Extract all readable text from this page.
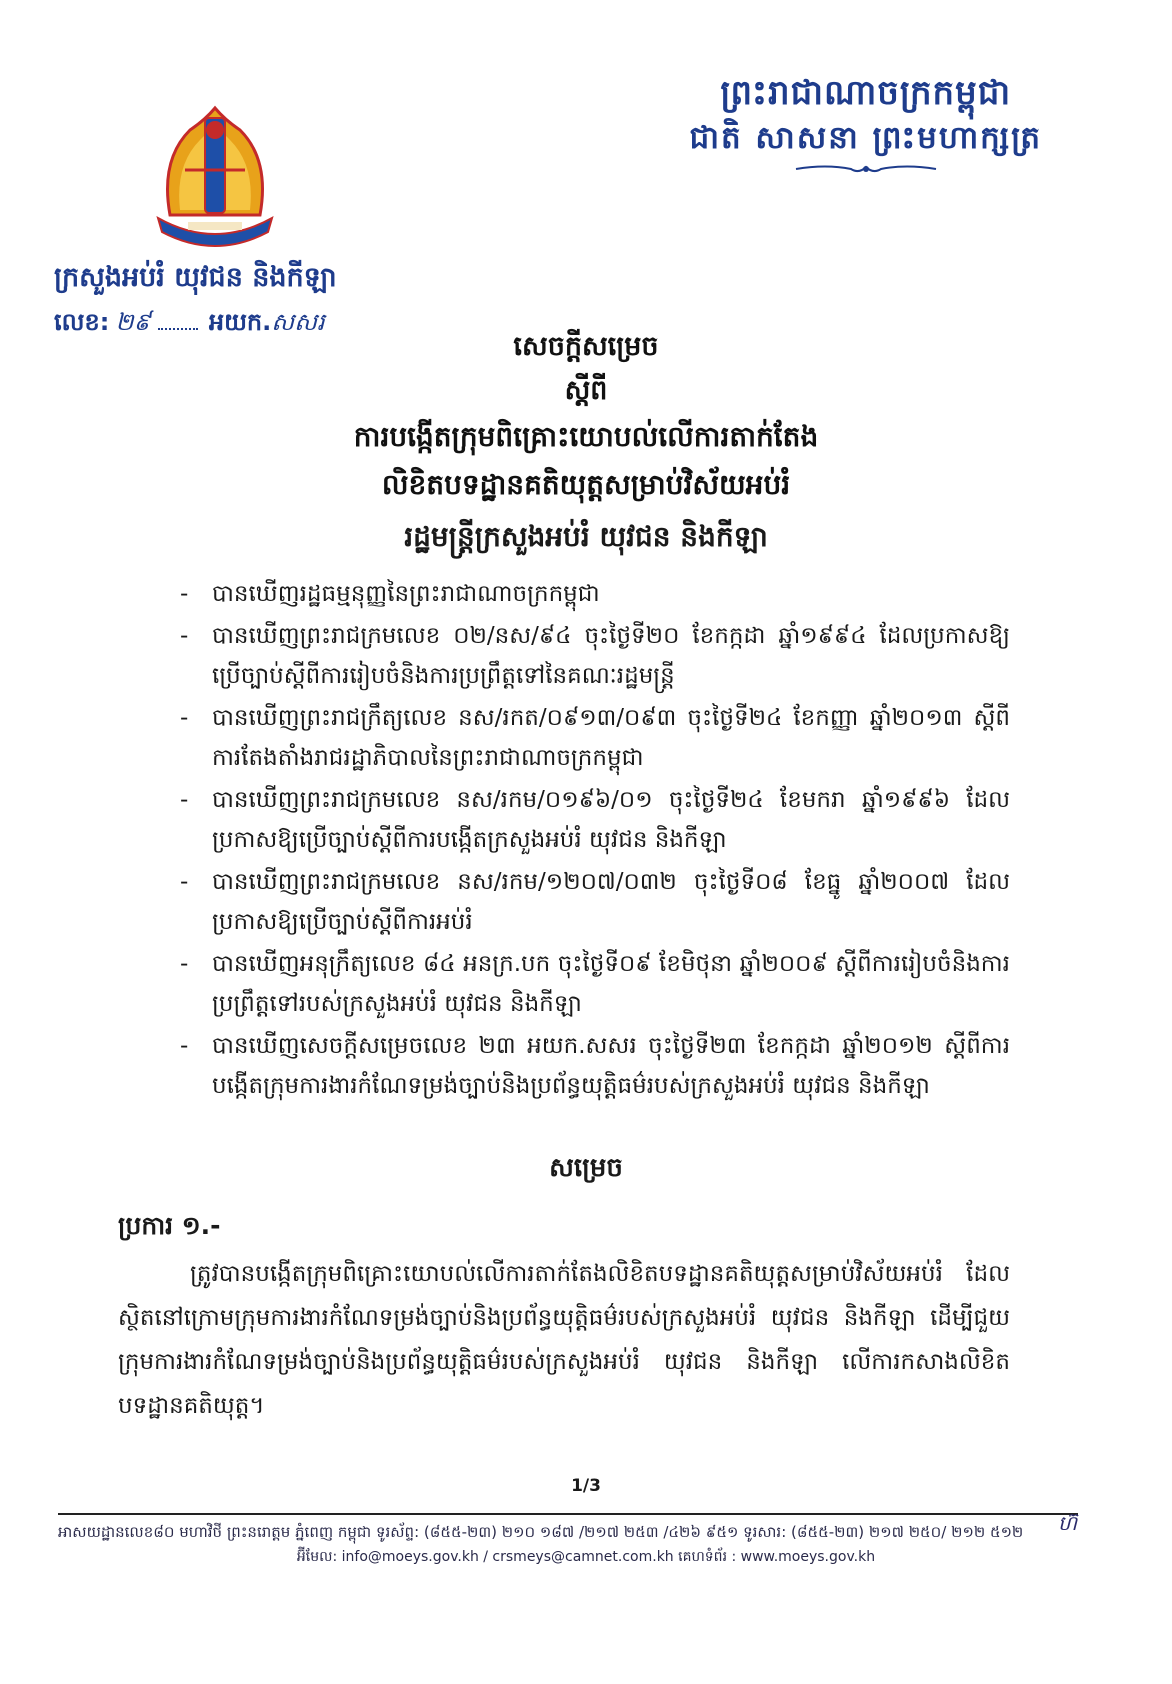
ព្រះរាជាណាចក្រកម្ពុជា
ជាតិ សាសនា ព្រះមហាក្សត្រ
ក្រសួងអប់រំ យុវជន និងកីឡា
លេខ: ២៩ អយក.សសរ
សេចក្តីសម្រេច
ស្តីពី
ការបង្កើតក្រុមពិគ្រោះយោបល់លើការតាក់តែង
លិខិតបទដ្ឋានគតិយុត្តសម្រាប់វិស័យអប់រំ
រដ្ឋមន្ត្រីក្រសួងអប់រំ យុវជន និងកីឡា
- បានឃើញរដ្ឋធម្មនុញ្ញនៃព្រះរាជាណាចក្រកម្ពុជា
- បានឃើញព្រះរាជក្រមលេខ ០២/នស/៩៤ ចុះថ្ងៃទី២០ ខែកក្កដា ឆ្នាំ១៩៩៤ ដែលប្រកាសឱ្យប្រើច្បាប់ស្តីពីការរៀបចំនិងការប្រព្រឹត្តទៅនៃគណៈរដ្ឋមន្ត្រី
- បានឃើញព្រះរាជក្រឹត្យលេខ នស/រកត/០៩១៣/០៩៣ ចុះថ្ងៃទី២៤ ខែកញ្ញា ឆ្នាំ២០១៣ ស្តីពីការតែងតាំងរាជរដ្ឋាភិបាលនៃព្រះរាជាណាចក្រកម្ពុជា
- បានឃើញព្រះរាជក្រមលេខ នស/រកម/០១៩៦/០១ ចុះថ្ងៃទី២៤ ខែមករា ឆ្នាំ១៩៩៦ ដែលប្រកាសឱ្យប្រើច្បាប់ស្តីពីការបង្កើតក្រសួងអប់រំ យុវជន និងកីឡា
- បានឃើញព្រះរាជក្រមលេខ នស/រកម/១២០៧/០៣២ ចុះថ្ងៃទី០៨ ខែធ្នូ ឆ្នាំ២០០៧ ដែលប្រកាសឱ្យប្រើច្បាប់ស្តីពីការអប់រំ
- បានឃើញអនុក្រឹត្យលេខ ៨៤ អនក្រ.បក ចុះថ្ងៃទី០៩ ខែមិថុនា ឆ្នាំ២០០៩ ស្តីពីការរៀបចំនិងការប្រព្រឹត្តទៅរបស់ក្រសួងអប់រំ យុវជន និងកីឡា
- បានឃើញសេចក្តីសម្រេចលេខ ២៣ អយក.សសរ ចុះថ្ងៃទី២៣ ខែកក្កដា ឆ្នាំ២០១២ ស្តីពីការបង្កើតក្រុមការងារកំណែទម្រង់ច្បាប់និងប្រព័ន្ធយុត្តិធម៌របស់ក្រសួងអប់រំ យុវជន និងកីឡា
សម្រេច
ប្រការ ១.-

ត្រូវបានបង្កើតក្រុមពិគ្រោះយោបល់លើការតាក់តែងលិខិតបទដ្ឋានគតិយុត្តសម្រាប់វិស័យអប់រំ ដែលស្ថិតនៅក្រោមក្រុមការងារកំណែទម្រង់ច្បាប់និងប្រព័ន្ធយុត្តិធម៌របស់ក្រសួងអប់រំ យុវជន និងកីឡា ដើម្បីជួយក្រុមការងារកំណែទម្រង់ច្បាប់និងប្រព័ន្ធយុត្តិធម៌របស់ក្រសួងអប់រំ យុវជន និងកីឡា លើការកសាងលិខិតបទដ្ឋានគតិយុត្ត។

1/3
ហ៊
អាសយដ្ឋានលេខ៨០ មហាវិថី ព្រះនរោត្តម ភ្នំពេញ កម្ពុជា ទូរស័ព្ទ: (៨៥៥-២៣) ២១០ ១៨៧ /២១៧ ២៥៣ /៤២៦ ៩៥១ ទូរសារ: (៨៥៥-២៣) ២១៧ ២៥០/ ២១២ ៥១២
អ៊ីមែល: info@moeys.gov.kh / crsmeys@camnet.com.kh គេហទំព័រ : www.moeys.gov.kh
